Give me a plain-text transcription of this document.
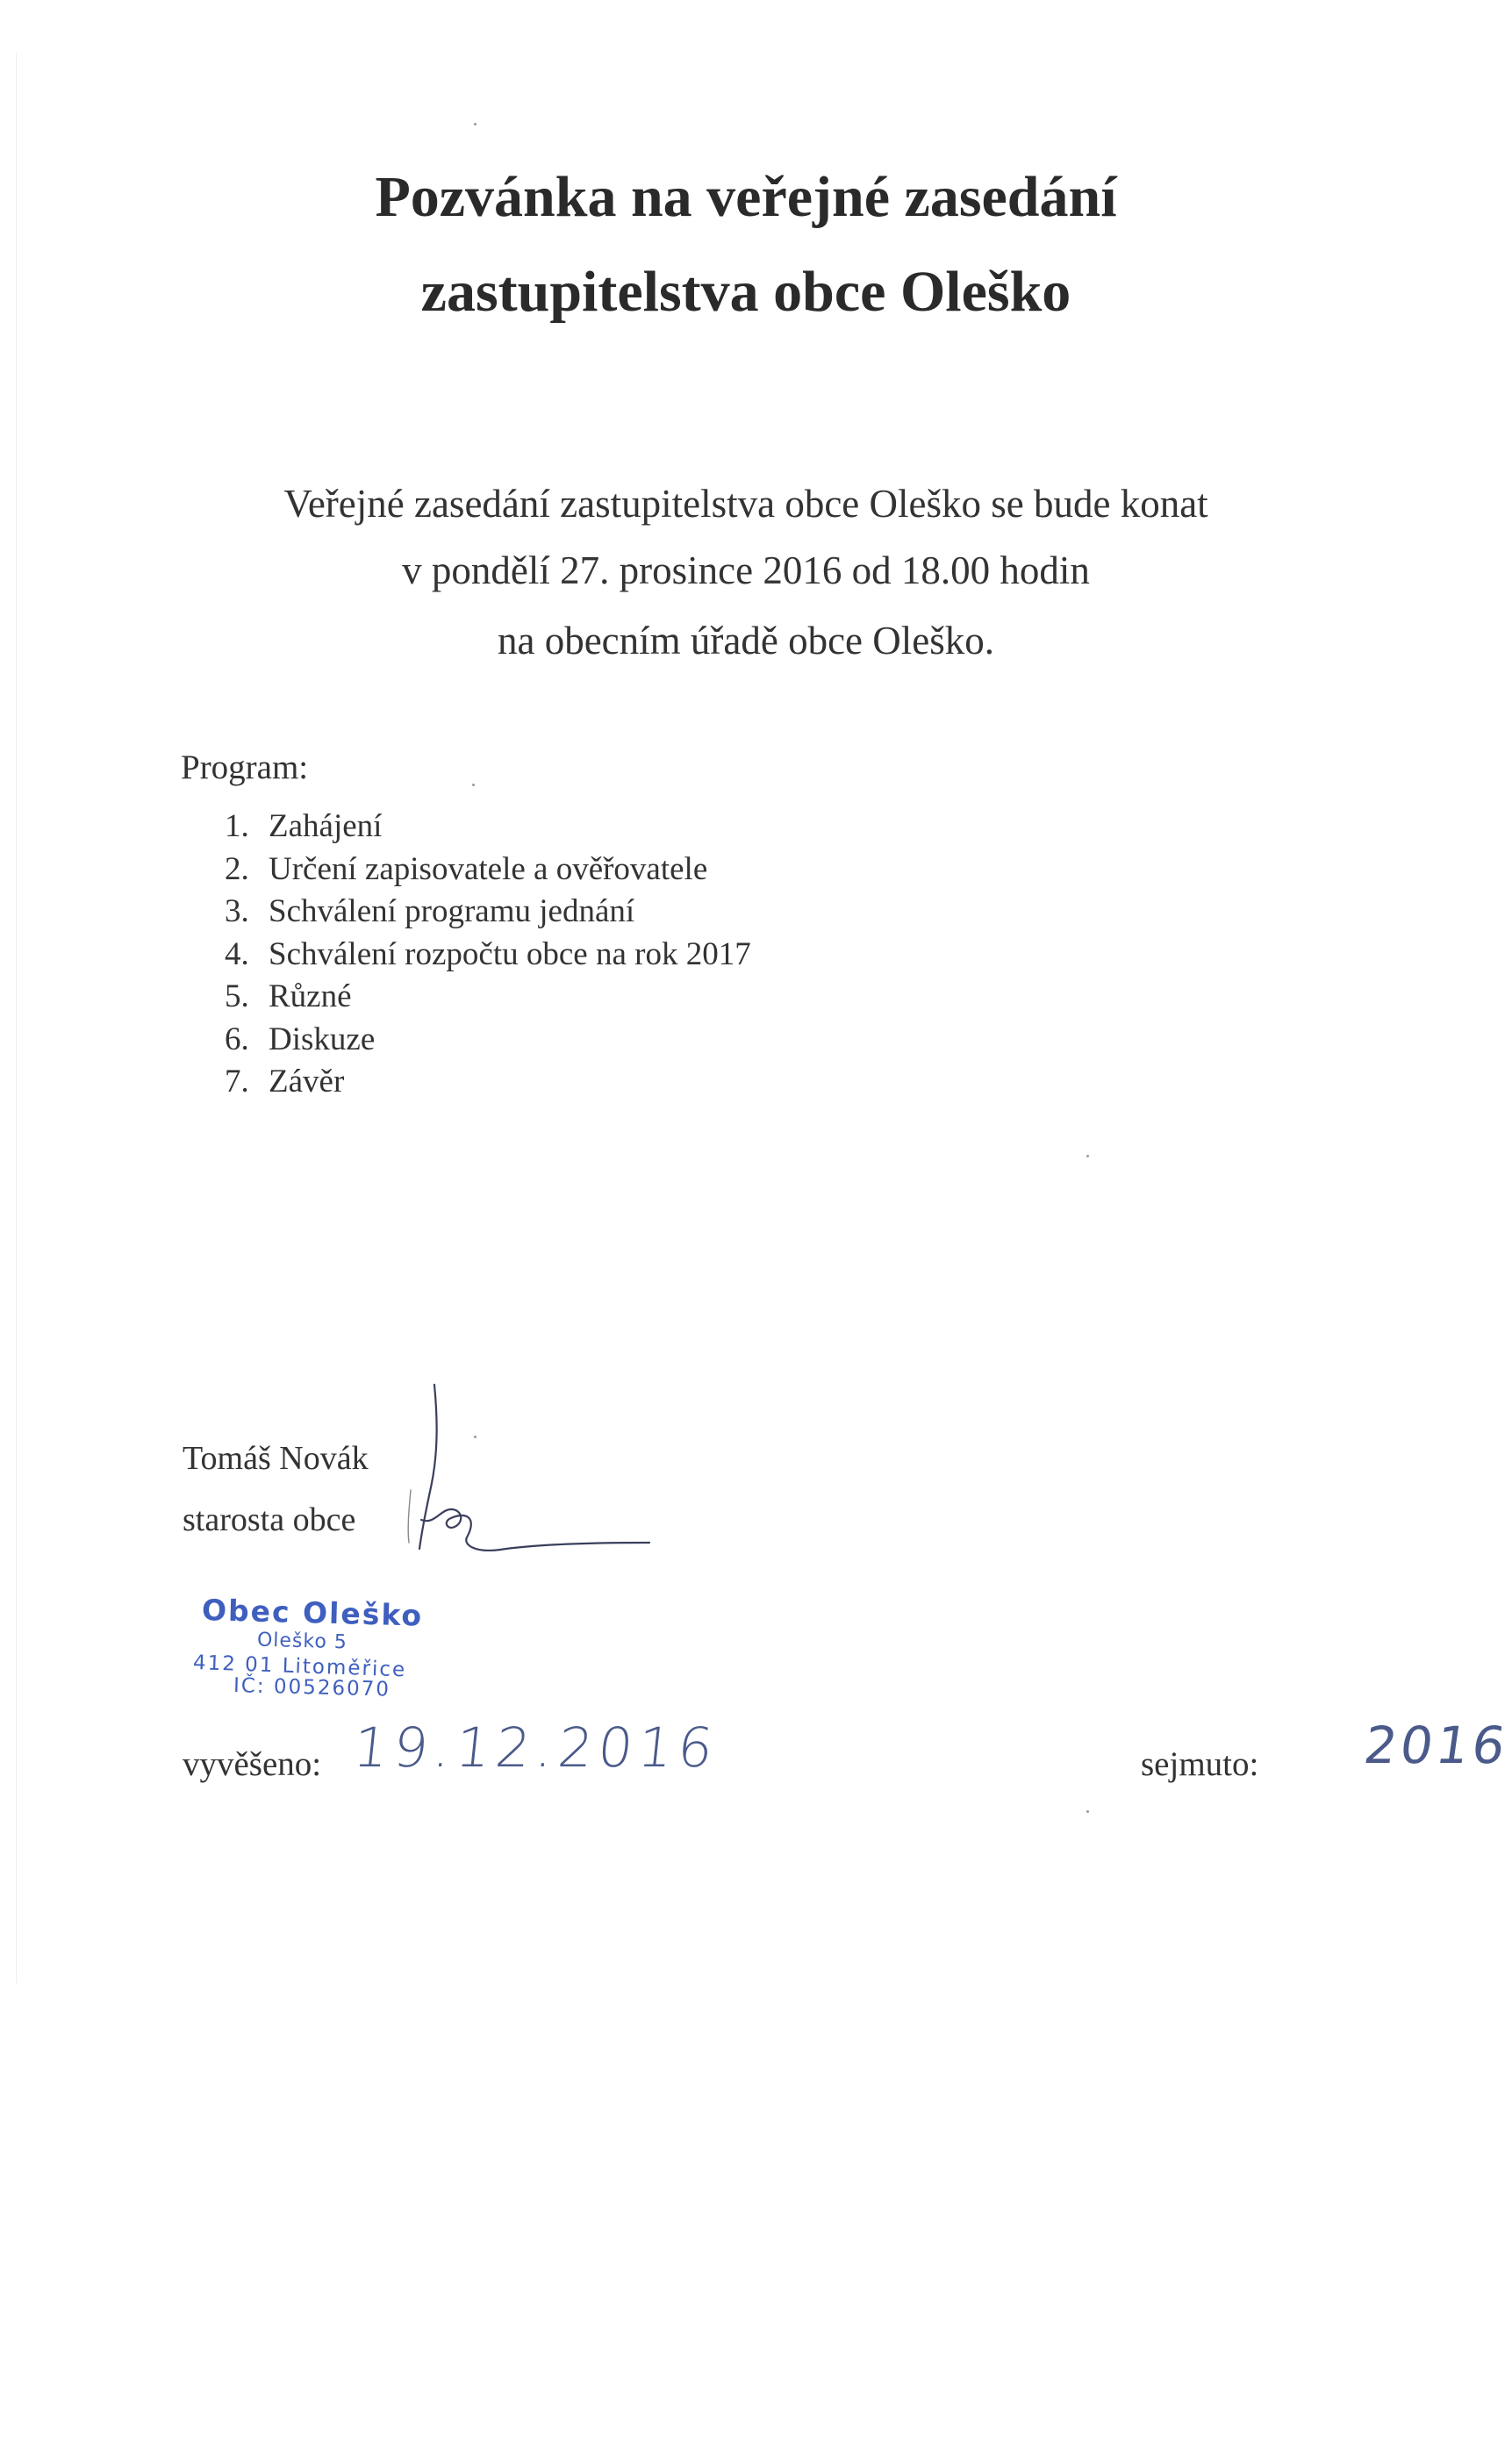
Pozvánka na veřejné zasedání
zastupitelstva obce Oleško
Veřejné zasedání zastupitelstva obce Oleško se bude konat
v pondělí 27. prosince 2016 od 18.00 hodin
na obecním úřadě obce Oleško.
Program:
1. Zahájení
2. Určení zapisovatele a ověřovatele
3. Schválení programu jednání
4. Schválení rozpočtu obce na rok 2017
5. Různé
6. Diskuze
7. Závěr
Tomáš Novák
starosta obce
Obec Oleško
Oleško 5
412 01 Litoměřice
IČ: 00526070
vyvěšeno: 19.12.2016	sejmuto: 2016
